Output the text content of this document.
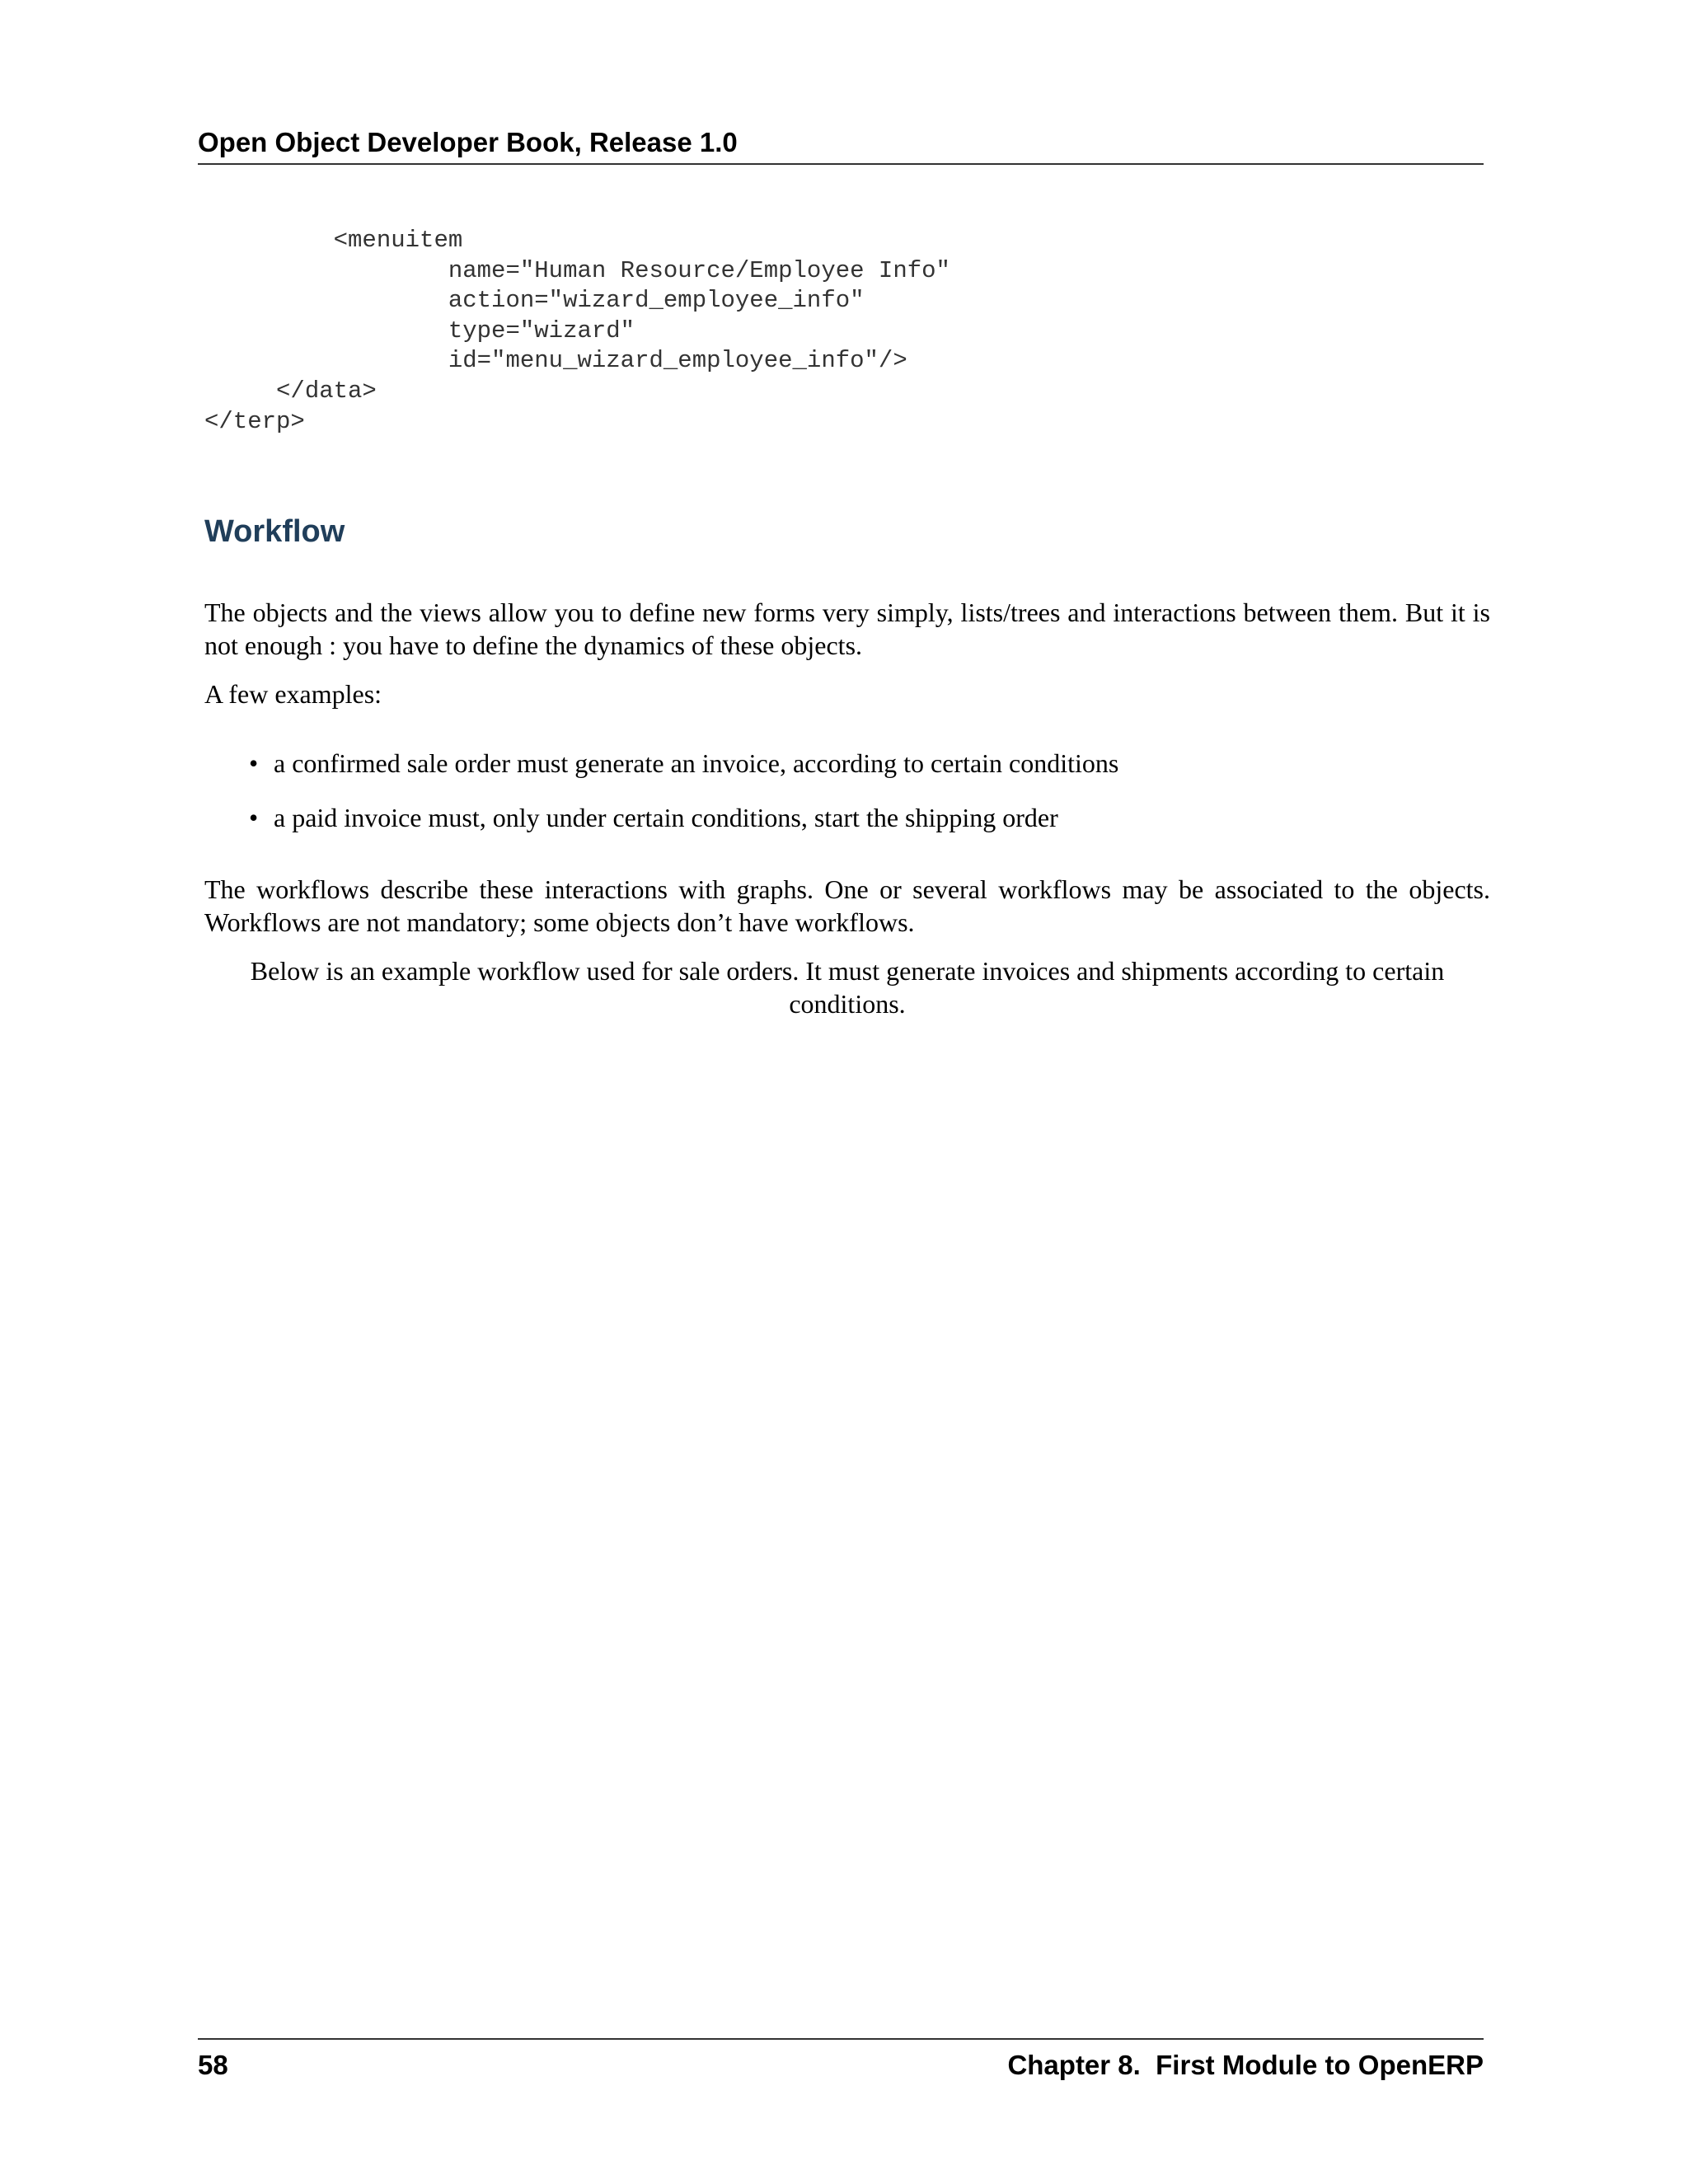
Open Object Developer Book, Release 1.0
<menuitem
name="Human Resource/Employee Info"
action="wizard_employee_info"
type="wizard"
id="menu_wizard_employee_info"/>
</data>
</terp>
Workflow

The objects and the views allow you to define new forms very simply, lists/trees and interactions between them. But it is not enough : you have to define the dynamics of these objects.

A few examples:

• a confirmed sale order must generate an invoice, according to certain conditions
• a paid invoice must, only under certain conditions, start the shipping order

The workflows describe these interactions with graphs. One or several workflows may be associated to the objects. Workflows are not mandatory; some objects don’t have workflows.

Below is an example workflow used for sale orders. It must generate invoices and shipments according to certain conditions.

58	Chapter 8.  First Module to OpenERP
